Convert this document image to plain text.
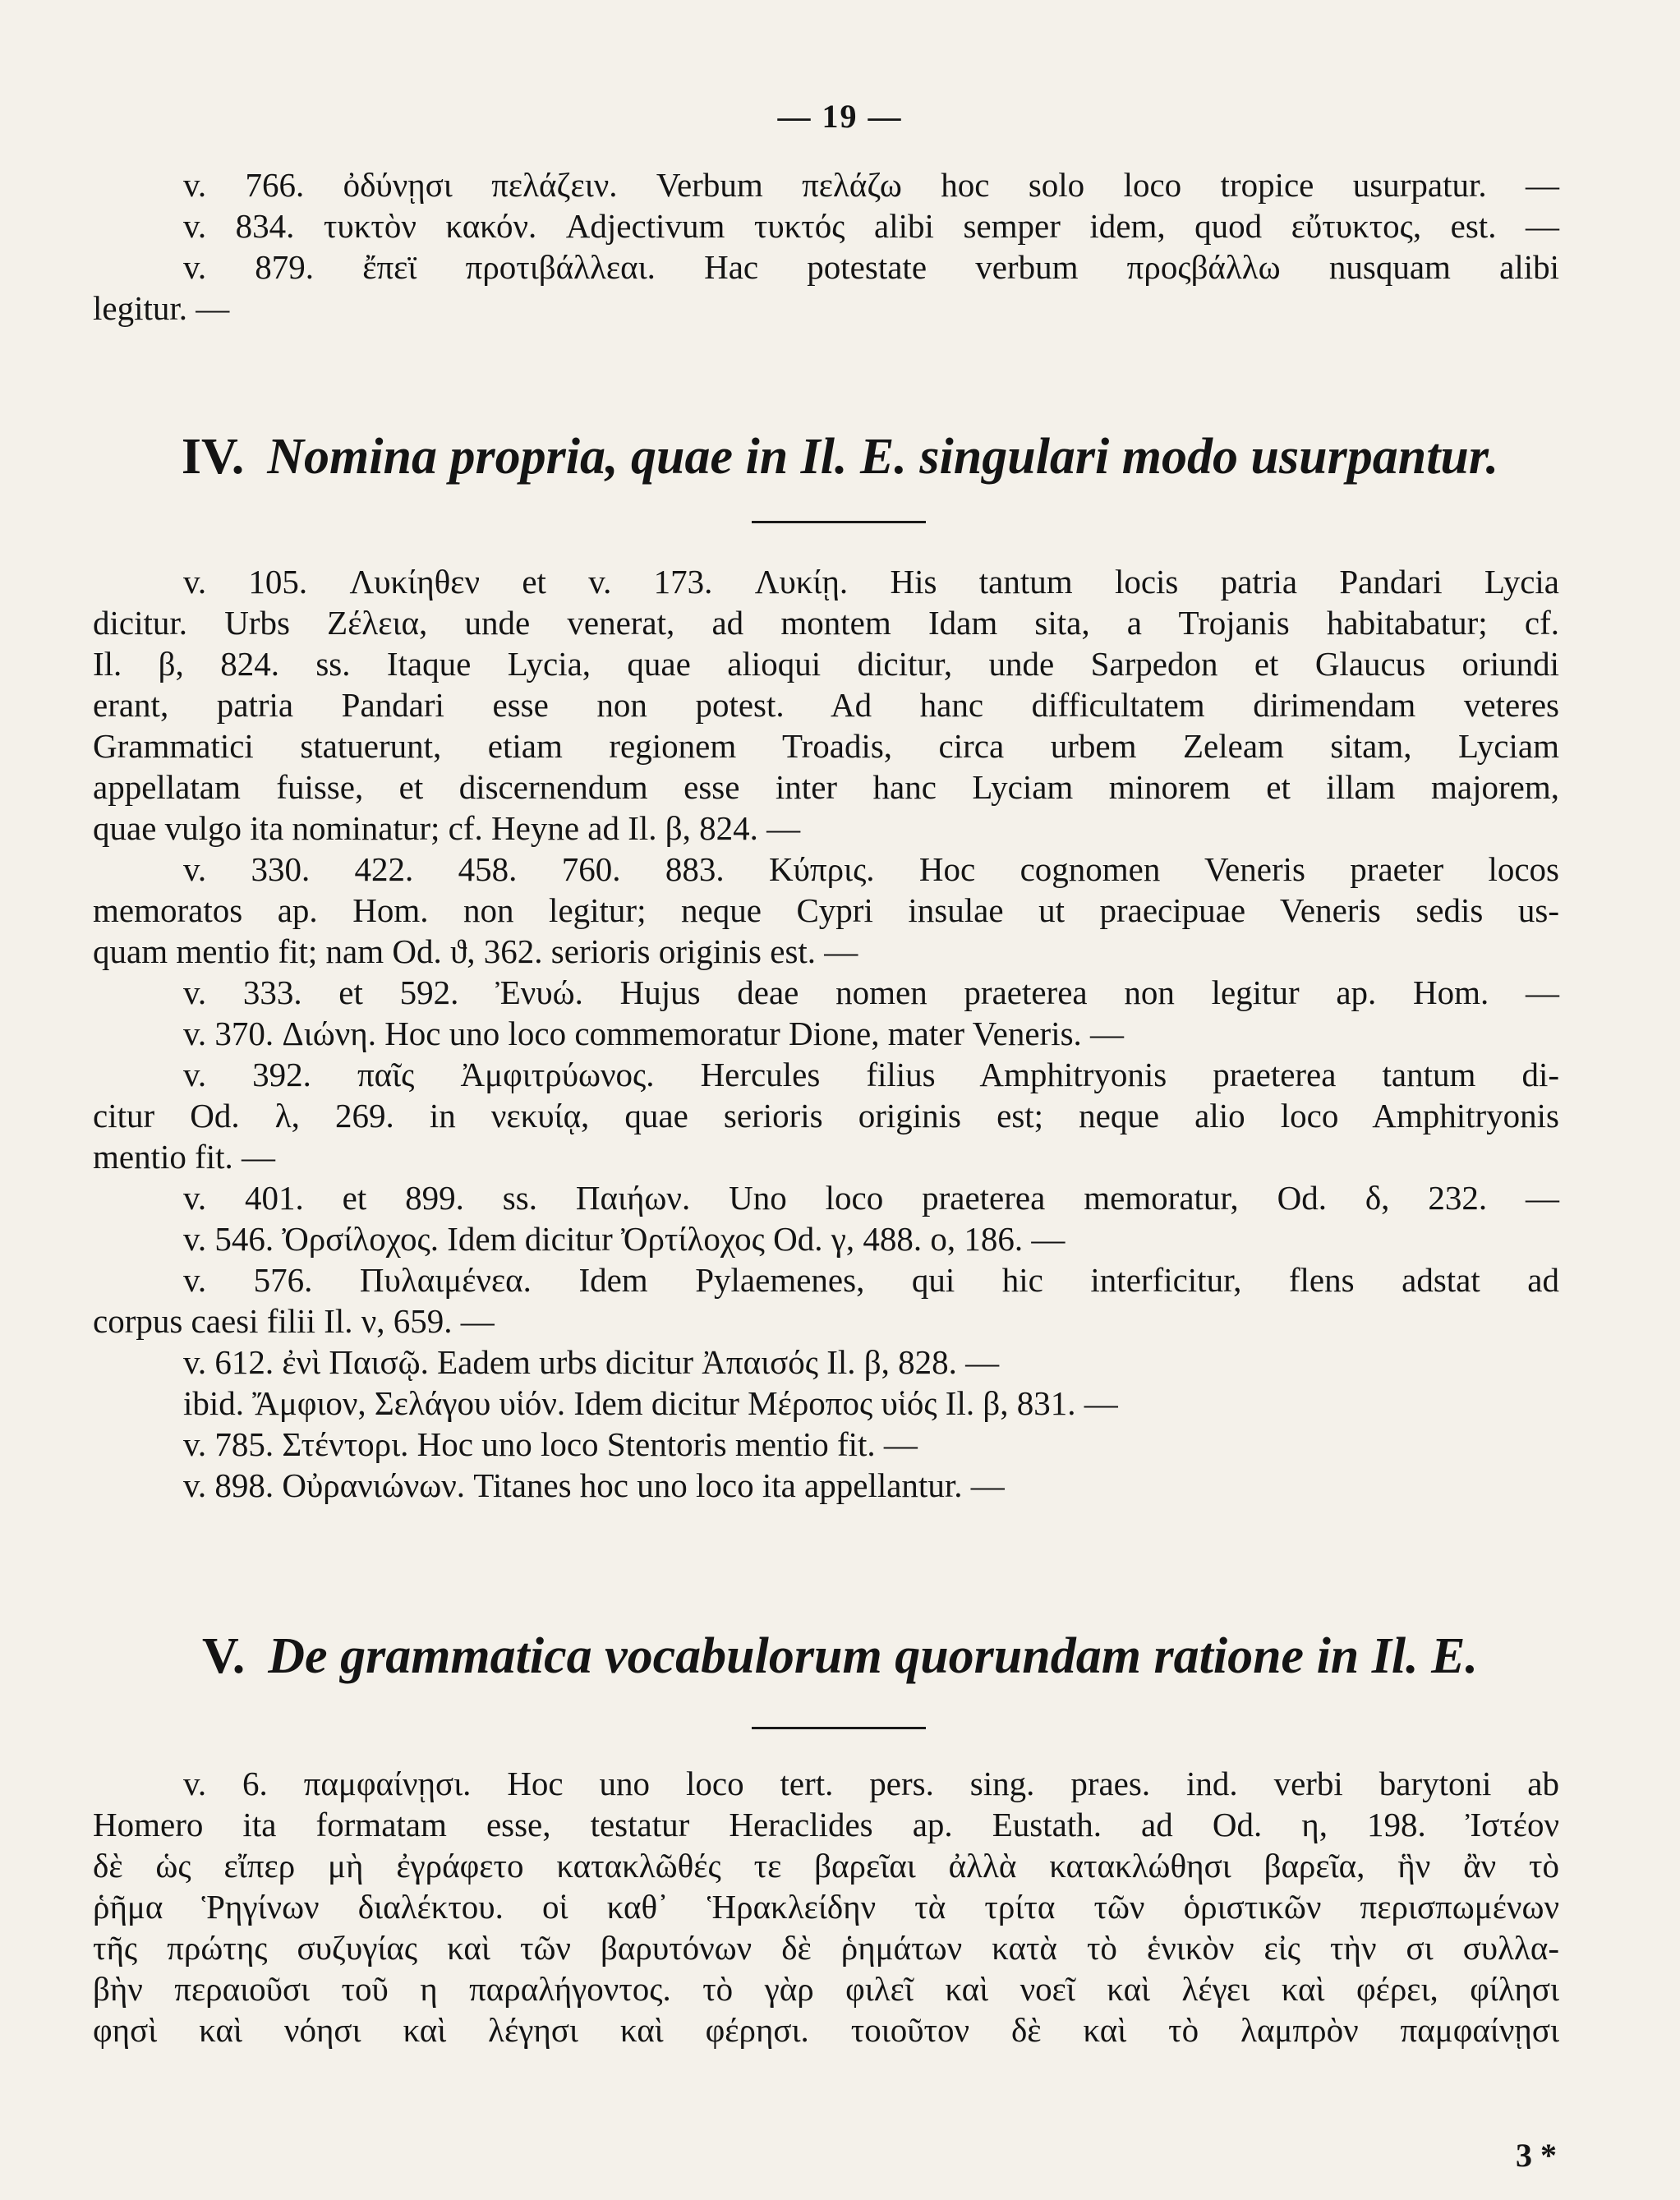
— 19 —
v. 766. ὀδύνῃσι πελάζειν. Verbum πελάζω hoc solo loco tropice usurpatur. —
v. 834. τυκτὸν κακόν. Adjectivum τυκτός alibi semper idem, quod εὔτυκτος, est. —
v. 879. ἔπεϊ προτιβάλλεαι. Hac potestate verbum προςβάλλω nusquam alibi
legitur. —
IV. Nomina propria, quae in Il. E. singulari modo usurpantur.
v. 105. Λυκίηθεν et v. 173. Λυκίῃ. His tantum locis patria Pandari Lycia
dicitur. Urbs Ζέλεια, unde venerat, ad montem Idam sita, a Trojanis habitabatur; cf.
Il. β, 824. ss. Itaque Lycia, quae alioqui dicitur, unde Sarpedon et Glaucus oriundi
erant, patria Pandari esse non potest. Ad hanc difficultatem dirimendam veteres
Grammatici statuerunt, etiam regionem Troadis, circa urbem Zeleam sitam, Lyciam
appellatam fuisse, et discernendum esse inter hanc Lyciam minorem et illam majorem,
quae vulgo ita nominatur; cf. Heyne ad Il. β, 824. —
v. 330. 422. 458. 760. 883. Κύπρις. Hoc cognomen Veneris praeter locos
memoratos ap. Hom. non legitur; neque Cypri insulae ut praecipuae Veneris sedis us-
quam mentio fit; nam Od. ϑ, 362. serioris originis est. —
v. 333. et 592. Ἐνυώ. Hujus deae nomen praeterea non legitur ap. Hom. —
v. 370. Διώνη. Hoc uno loco commemoratur Dione, mater Veneris. —
v. 392. παῖς Ἀμφιτρύωνος. Hercules filius Amphitryonis praeterea tantum di-
citur Od. λ, 269. in νεκυίᾳ, quae serioris originis est; neque alio loco Amphitryonis
mentio fit. —
v. 401. et 899. ss. Παιήων. Uno loco praeterea memoratur, Od. δ, 232. —
v. 546. Ὀρσίλοχος. Idem dicitur Ὀρτίλοχος Od. γ, 488. ο, 186. —
v. 576. Πυλαιμένεα. Idem Pylaemenes, qui hic interficitur, flens adstat ad
corpus caesi filii Il. ν, 659. —
v. 612. ἐνὶ Παισῷ. Eadem urbs dicitur Ἀπαισός Il. β, 828. —
ibid. Ἄμφιον, Σελάγου υἱόν. Idem dicitur Μέροπος υἱός Il. β, 831. —
v. 785. Στέντορι. Hoc uno loco Stentoris mentio fit. —
v. 898. Οὐρανιώνων. Titanes hoc uno loco ita appellantur. —
V. De grammatica vocabulorum quorundam ratione in Il. E.
v. 6. παμφαίνῃσι. Hoc uno loco tert. pers. sing. praes. ind. verbi barytoni ab
Homero ita formatam esse, testatur Heraclides ap. Eustath. ad Od. η, 198. Ἰστέον
δὲ ὡς εἴπερ μὴ ἐγράφετο κατακλῶθές τε βαρεῖαι ἀλλὰ κατακλώθησι βαρεῖα, ἣν ἂν τὸ
ῥῆμα Ῥηγίνων διαλέκτου. οἱ καθ᾽ Ἡρακλείδην τὰ τρίτα τῶν ὁριστικῶν περισπωμένων
τῆς πρώτης συζυγίας καὶ τῶν βαρυτόνων δὲ ῥημάτων κατὰ τὸ ἑνικὸν εἰς τὴν σι συλλα-
βὴν περαιοῦσι τοῦ η παραλήγοντος. τὸ γὰρ φιλεῖ καὶ νοεῖ καὶ λέγει καὶ φέρει, φίλησι
φησὶ καὶ νόησι καὶ λέγησι καὶ φέρησι. τοιοῦτον δὲ καὶ τὸ λαμπρὸν παμφαίνῃσι
3 *
